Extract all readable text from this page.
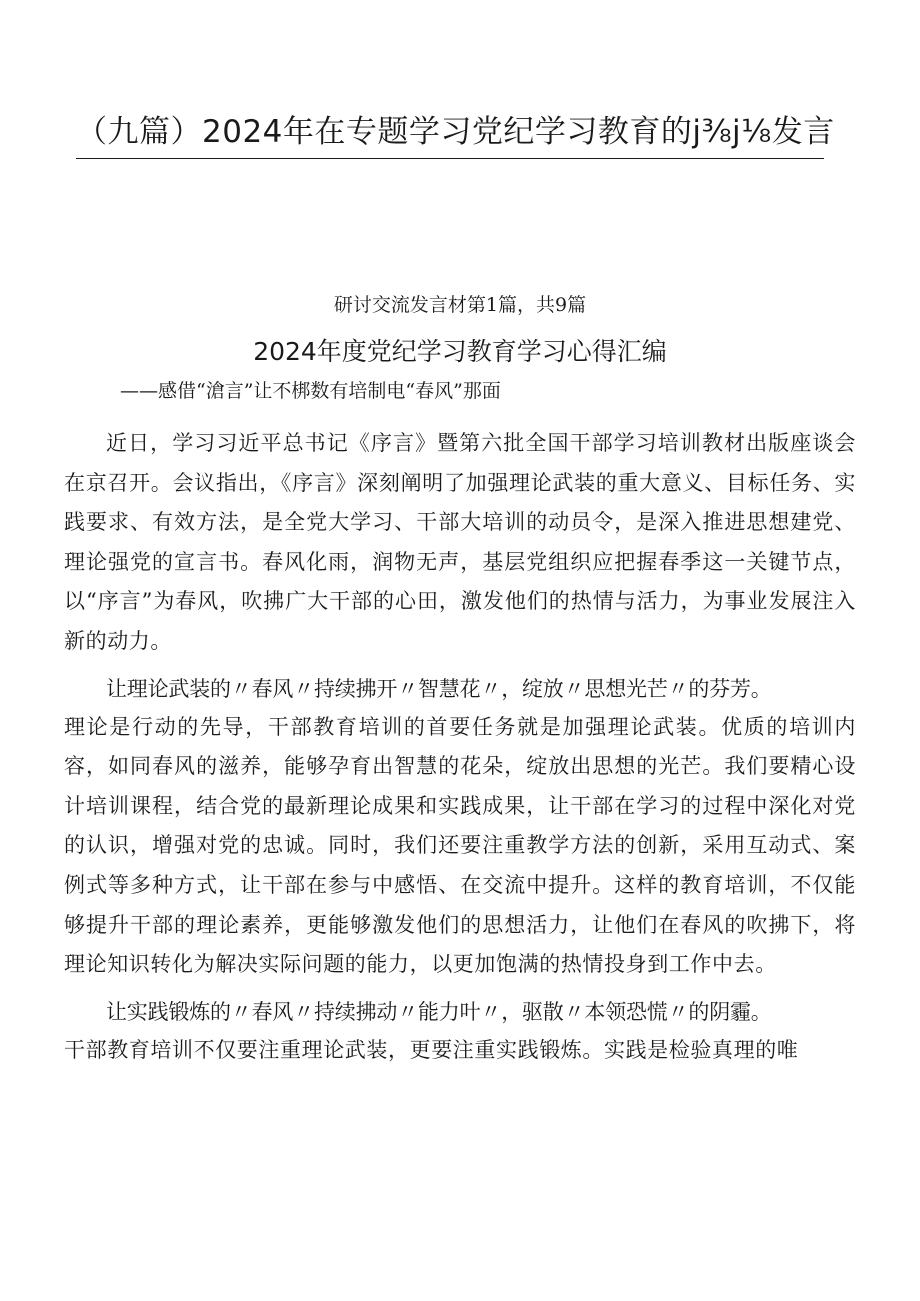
（九篇）2024年在专题学习党纪学习教育的j⅜j⅛发言

研讨交流发言材第1篇，共9篇

2024年度党纪学习教育学习心得汇编

——感借“滄言”让不梆数有培制电“春风”那面

近日，学习习近平总书记《序言》暨第六批全国干部学习培训教材出版座谈会在京召开。会议指出，《序言》深刻阐明了加强理论武装的重大意义、目标任务、实践要求、有效方法，是全党大学习、干部大培训的动员令，是深入推进思想建党、理论强党的宣言书。春风化雨，润物无声，基层党组织应把握春季这一关键节点，以“序言”为春风，吹拂广大干部的心田，激发他们的热情与活力，为事业发展注入新的动力。

让理论武装的〃春风〃持续拂开〃智慧花〃，绽放〃思想光芒〃的芬芳。

理论是行动的先导，干部教育培训的首要任务就是加强理论武装。优质的培训内容，如同春风的滋养，能够孕育出智慧的花朵，绽放出思想的光芒。我们要精心设计培训课程，结合党的最新理论成果和实践成果，让干部在学习的过程中深化对党的认识，增强对党的忠诚。同时，我们还要注重教学方法的创新，采用互动式、案例式等多种方式，让干部在参与中感悟、在交流中提升。这样的教育培训，不仅能够提升干部的理论素养，更能够激发他们的思想活力，让他们在春风的吹拂下，将理论知识转化为解决实际问题的能力，以更加饱满的热情投身到工作中去。

让实践锻炼的〃春风〃持续拂动〃能力叶〃，驱散〃本领恐慌〃的阴霾。

干部教育培训不仅要注重理论武装，更要注重实践锻炼。实践是检验真理的唯
